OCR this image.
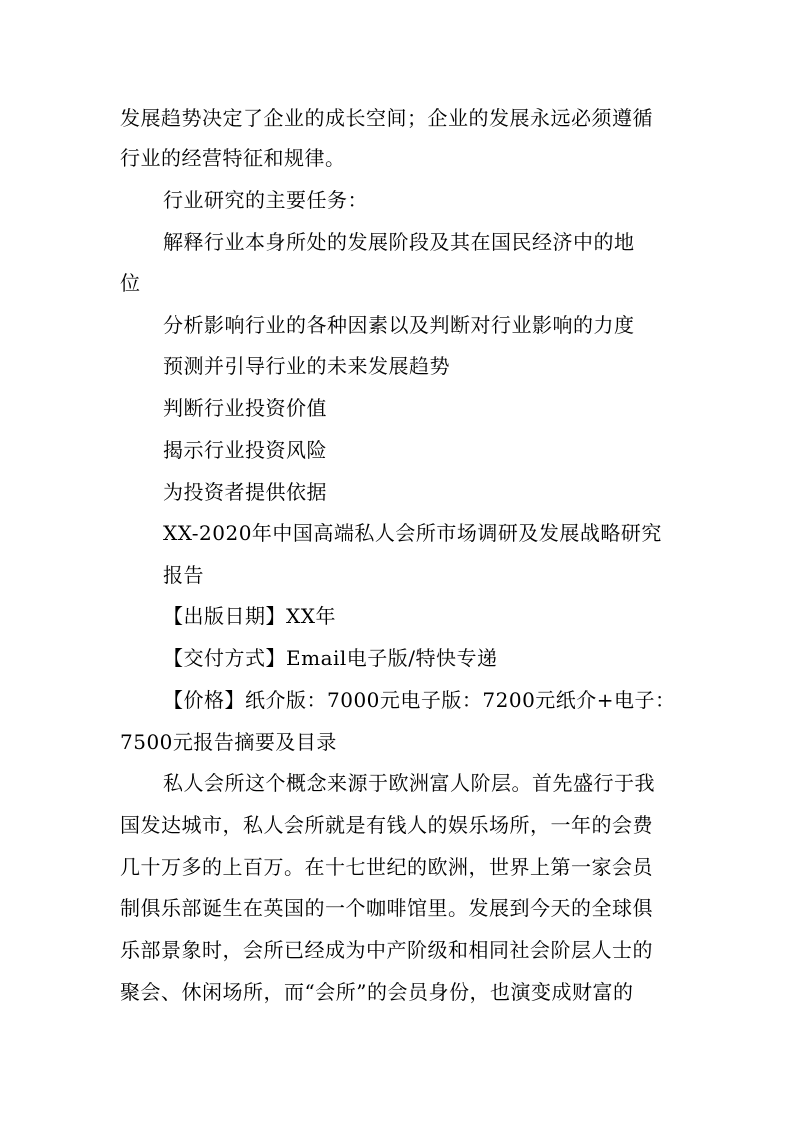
发展趋势决定了企业的成长空间；企业的发展永远必须遵循
行业的经营特征和规律。
行业研究的主要任务：
解释行业本身所处的发展阶段及其在国民经济中的地
位
分析影响行业的各种因素以及判断对行业影响的力度
预测并引导行业的未来发展趋势
判断行业投资价值
揭示行业投资风险
为投资者提供依据
XX-2020年中国高端私人会所市场调研及发展战略研究
报告
【出版日期】XX年
【交付方式】Email电子版/特快专递
【价格】纸介版：7000元电子版：7200元纸介+电子：
7500元报告摘要及目录
私人会所这个概念来源于欧洲富人阶层。首先盛行于我
国发达城市，私人会所就是有钱人的娱乐场所，一年的会费
几十万多的上百万。在十七世纪的欧洲，世界上第一家会员
制俱乐部诞生在英国的一个咖啡馆里。发展到今天的全球俱
乐部景象时，会所已经成为中产阶级和相同社会阶层人士的
聚会、休闲场所，而“会所”的会员身份，也演变成财富的
